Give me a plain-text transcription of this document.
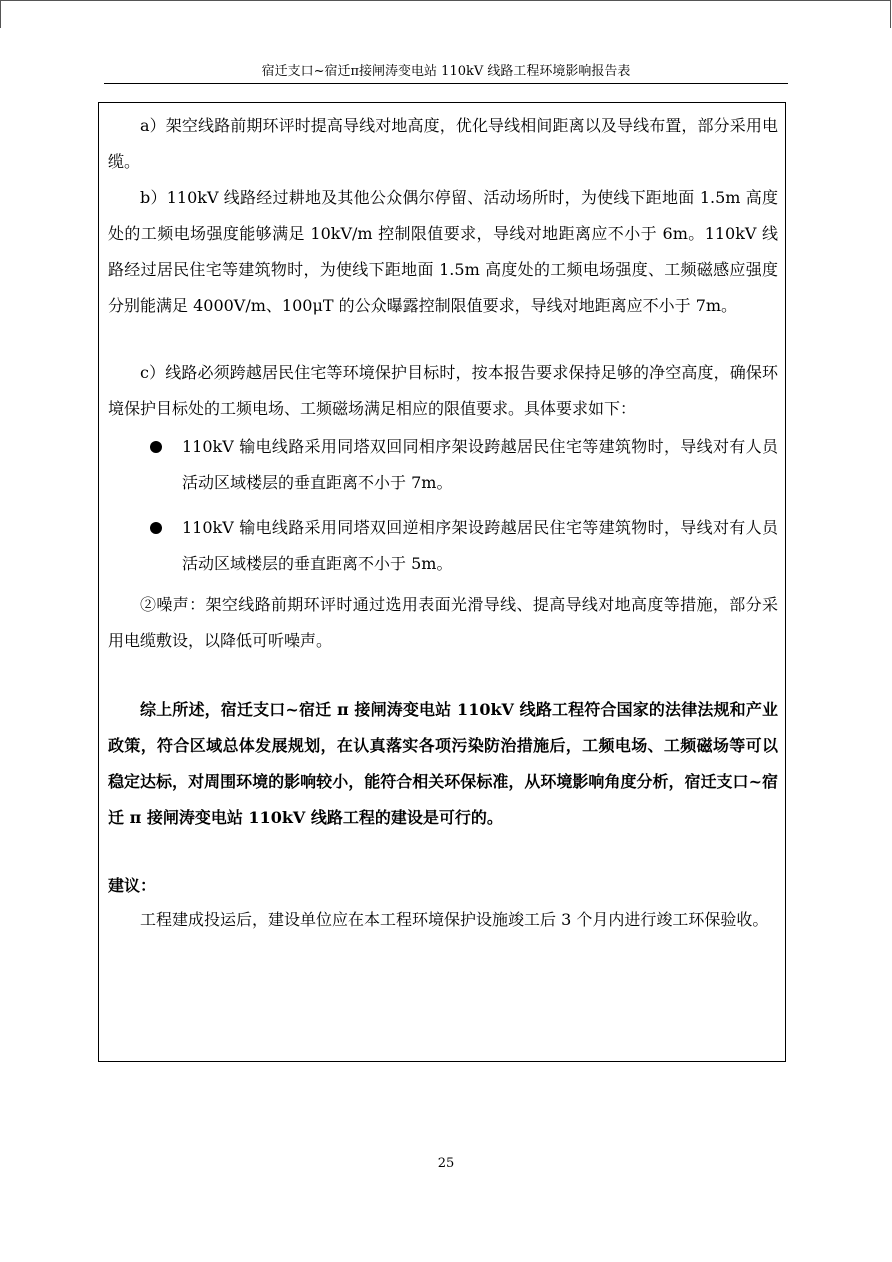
宿迁支口~宿迁π接闸涛变电站 110kV 线路工程环境影响报告表
a）架空线路前期环评时提高导线对地高度，优化导线相间距离以及导线布置，部分采用电缆。
b）110kV 线路经过耕地及其他公众偶尔停留、活动场所时，为使线下距地面 1.5m 高度处的工频电场强度能够满足 10kV/m 控制限值要求，导线对地距离应不小于 6m。110kV 线路经过居民住宅等建筑物时，为使线下距地面 1.5m 高度处的工频电场强度、工频磁感应强度分别能满足 4000V/m、100μT 的公众曝露控制限值要求，导线对地距离应不小于 7m。
c）线路必须跨越居民住宅等环境保护目标时，按本报告要求保持足够的净空高度，确保环境保护目标处的工频电场、工频磁场满足相应的限值要求。具体要求如下：
110kV 输电线路采用同塔双回同相序架设跨越居民住宅等建筑物时，导线对有人员活动区域楼层的垂直距离不小于 7m。
110kV 输电线路采用同塔双回逆相序架设跨越居民住宅等建筑物时，导线对有人员活动区域楼层的垂直距离不小于 5m。
②噪声：架空线路前期环评时通过选用表面光滑导线、提高导线对地高度等措施，部分采用电缆敷设，以降低可听噪声。
综上所述，宿迁支口~宿迁 π 接闸涛变电站 110kV 线路工程符合国家的法律法规和产业政策，符合区域总体发展规划，在认真落实各项污染防治措施后，工频电场、工频磁场等可以稳定达标，对周围环境的影响较小，能符合相关环保标准，从环境影响角度分析，宿迁支口~宿迁 π 接闸涛变电站 110kV 线路工程的建设是可行的。
建议：
工程建成投运后，建设单位应在本工程环境保护设施竣工后 3 个月内进行竣工环保验收。
25
